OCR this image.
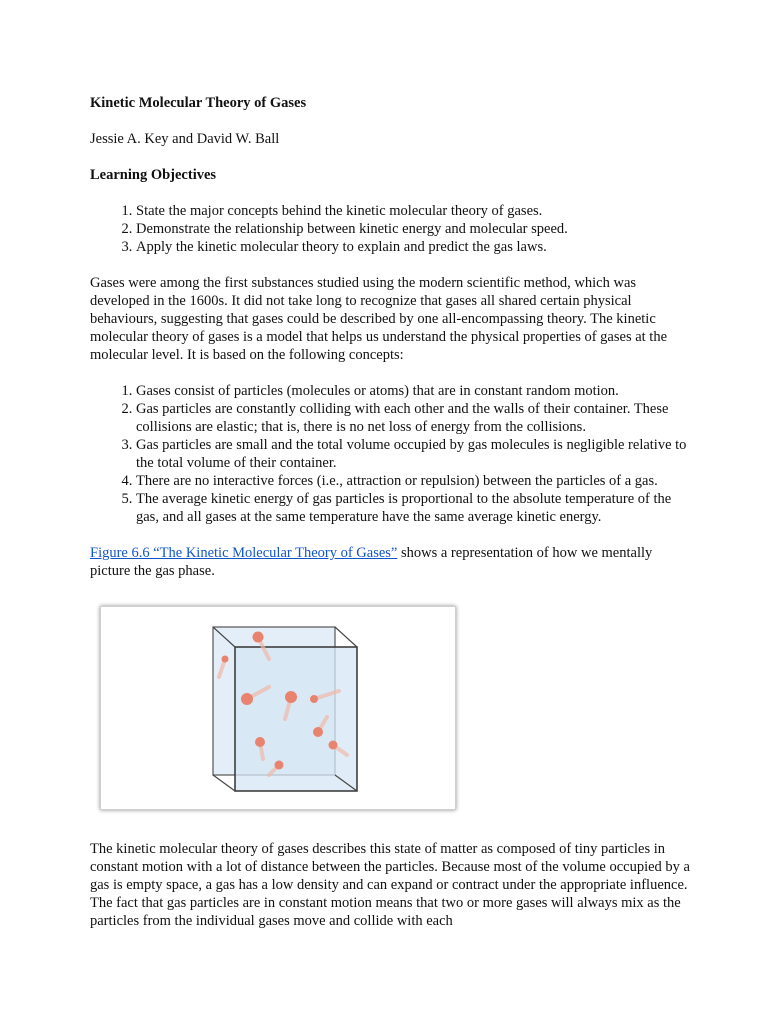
Kinetic Molecular Theory of Gases

Jessie A. Key and David W. Ball

Learning Objectives

1. State the major concepts behind the kinetic molecular theory of gases.
2. Demonstrate the relationship between kinetic energy and molecular speed.
3. Apply the kinetic molecular theory to explain and predict the gas laws.

Gases were among the first substances studied using the modern scientific method, which was developed in the 1600s. It did not take long to recognize that gases all shared certain physical behaviours, suggesting that gases could be described by one all-encompassing theory. The kinetic molecular theory of gases is a model that helps us understand the physical properties of gases at the molecular level. It is based on the following concepts:

1. Gases consist of particles (molecules or atoms) that are in constant random motion.
2. Gas particles are constantly colliding with each other and the walls of their container. These collisions are elastic; that is, there is no net loss of energy from the collisions.
3. Gas particles are small and the total volume occupied by gas molecules is negligible relative to the total volume of their container.
4. There are no interactive forces (i.e., attraction or repulsion) between the particles of a gas.
5. The average kinetic energy of gas particles is proportional to the absolute temperature of the gas, and all gases at the same temperature have the same average kinetic energy.

Figure 6.6 “The Kinetic Molecular Theory of Gases” shows a representation of how we mentally picture the gas phase.

The kinetic molecular theory of gases describes this state of matter as composed of tiny particles in constant motion with a lot of distance between the particles. Because most of the volume occupied by a gas is empty space, a gas has a low density and can expand or contract under the appropriate influence. The fact that gas particles are in constant motion means that two or more gases will always mix as the particles from the individual gases move and collide with each
